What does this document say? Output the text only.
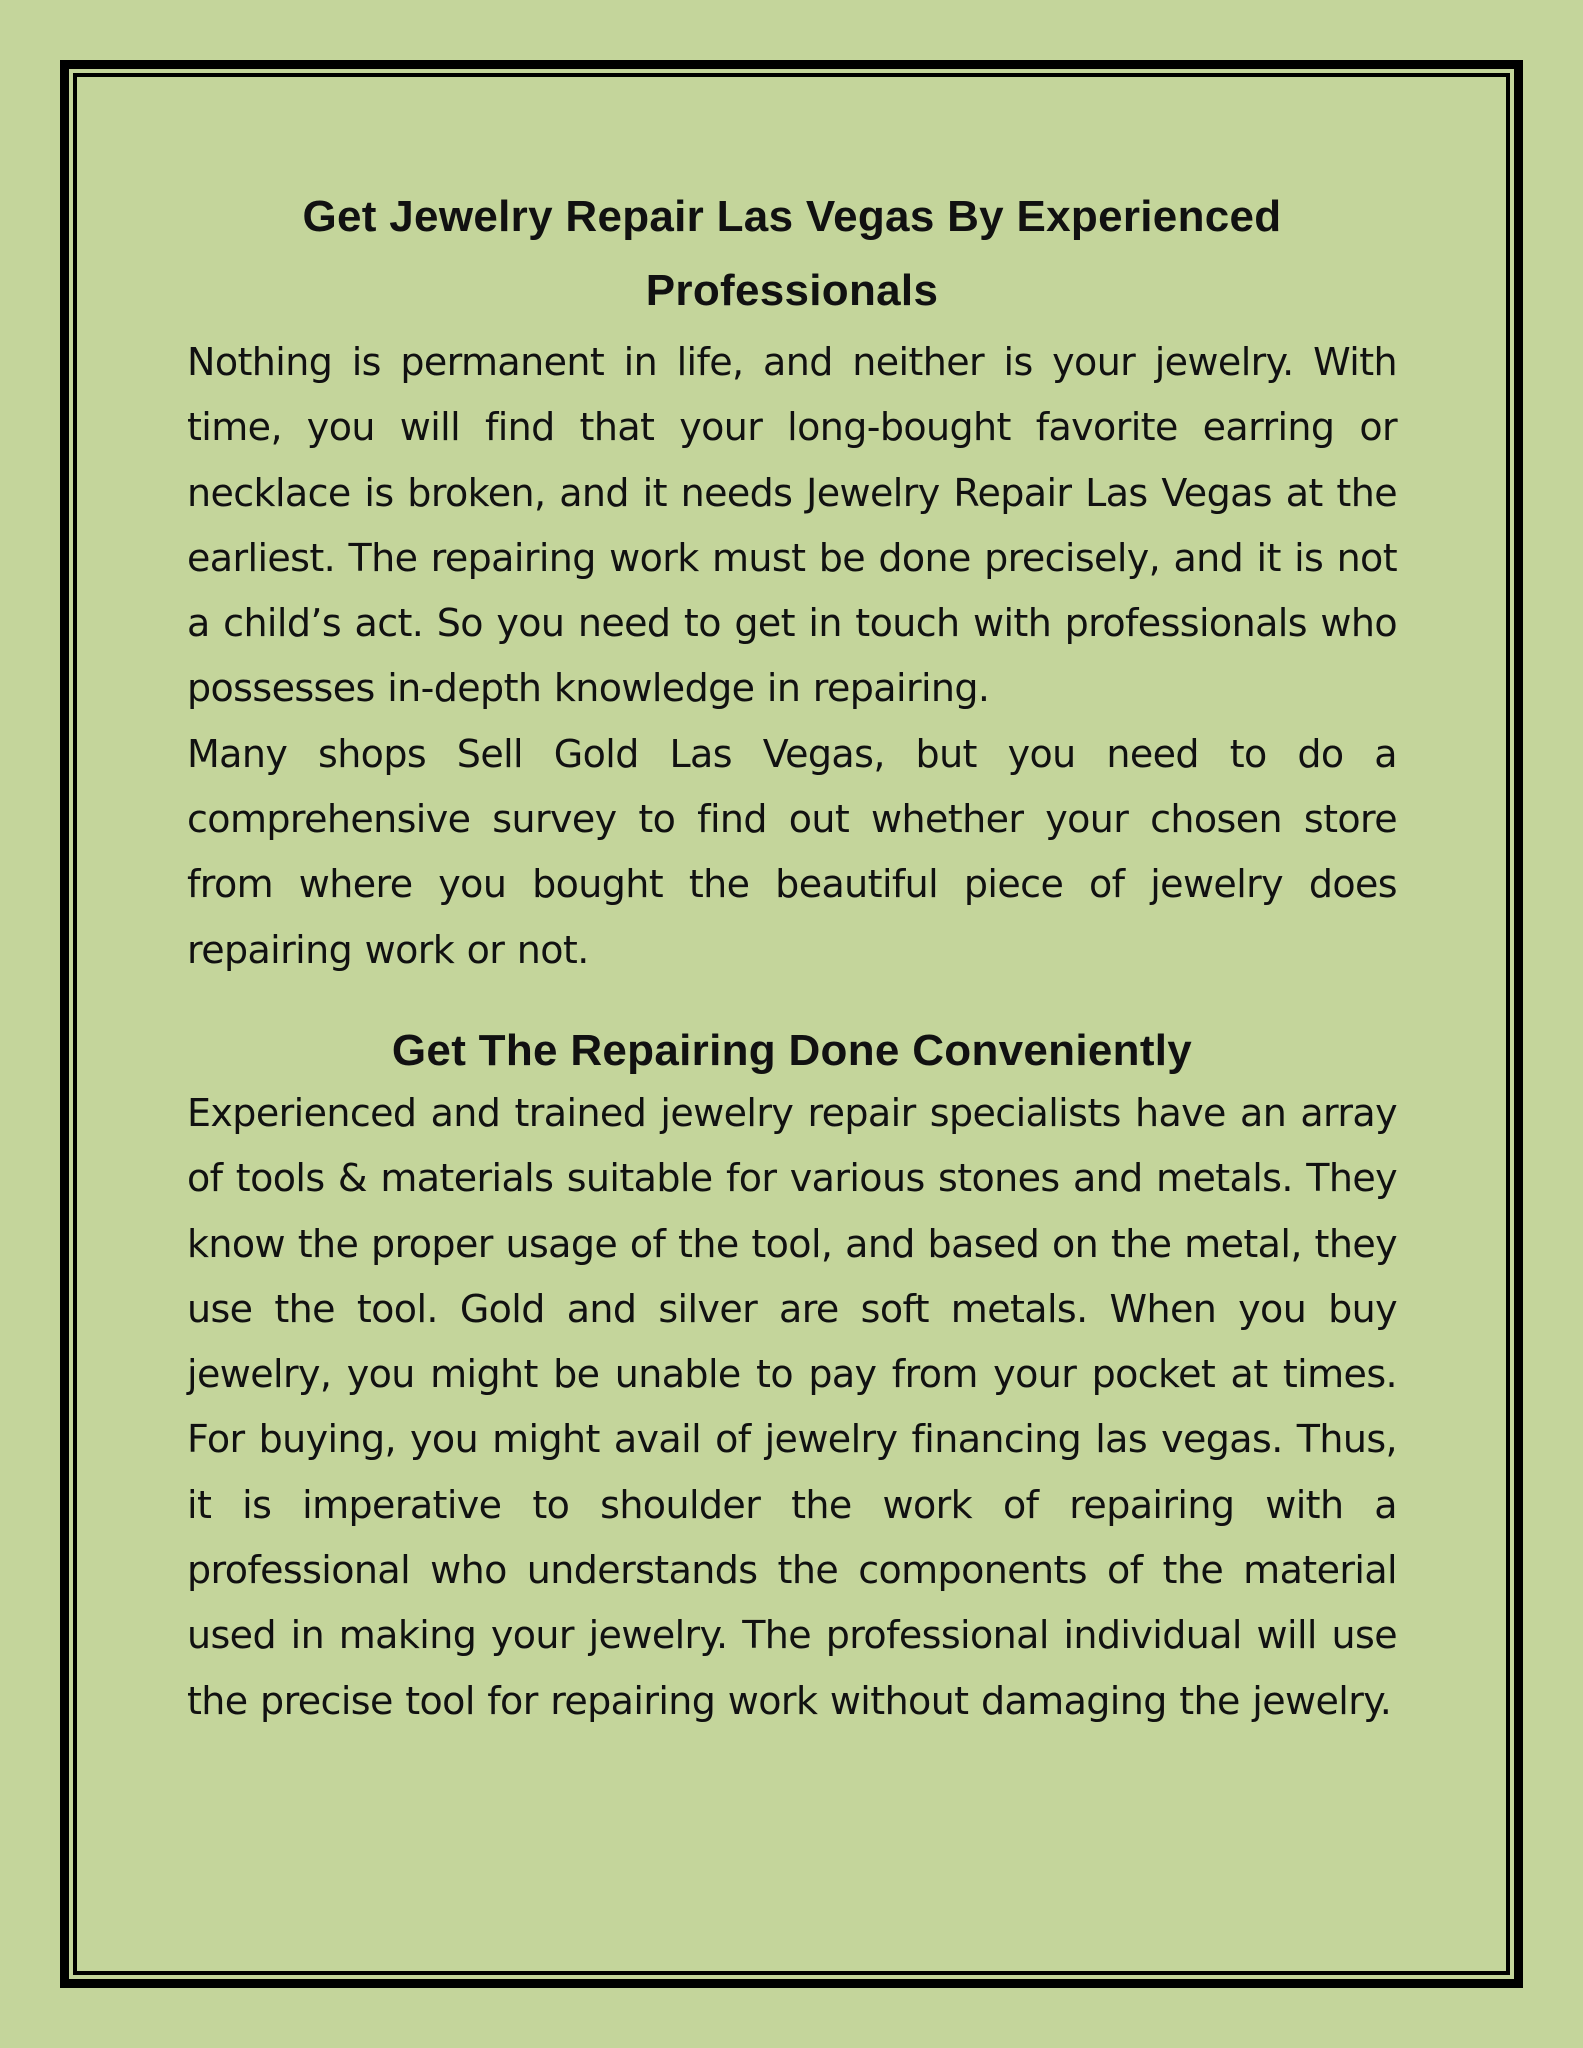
Get Jewelry Repair Las Vegas By Experienced Professionals

Nothing is permanent in life, and neither is your jewelry. With time, you will find that your long-bought favorite earring or necklace is broken, and it needs Jewelry Repair Las Vegas at the earliest. The repairing work must be done precisely, and it is not a child’s act. So you need to get in touch with professionals who possesses in-depth knowledge in repairing.

Many shops Sell Gold Las Vegas, but you need to do a comprehensive survey to find out whether your chosen store from where you bought the beautiful piece of jewelry does repairing work or not.

Get The Repairing Done Conveniently

Experienced and trained jewelry repair specialists have an array of tools & materials suitable for various stones and metals. They know the proper usage of the tool, and based on the metal, they use the tool. Gold and silver are soft metals. When you buy jewelry, you might be unable to pay from your pocket at times. For buying, you might avail of jewelry financing las vegas. Thus, it is imperative to shoulder the work of repairing with a professional who understands the components of the material used in making your jewelry. The professional individual will use the precise tool for repairing work without damaging the jewelry.
